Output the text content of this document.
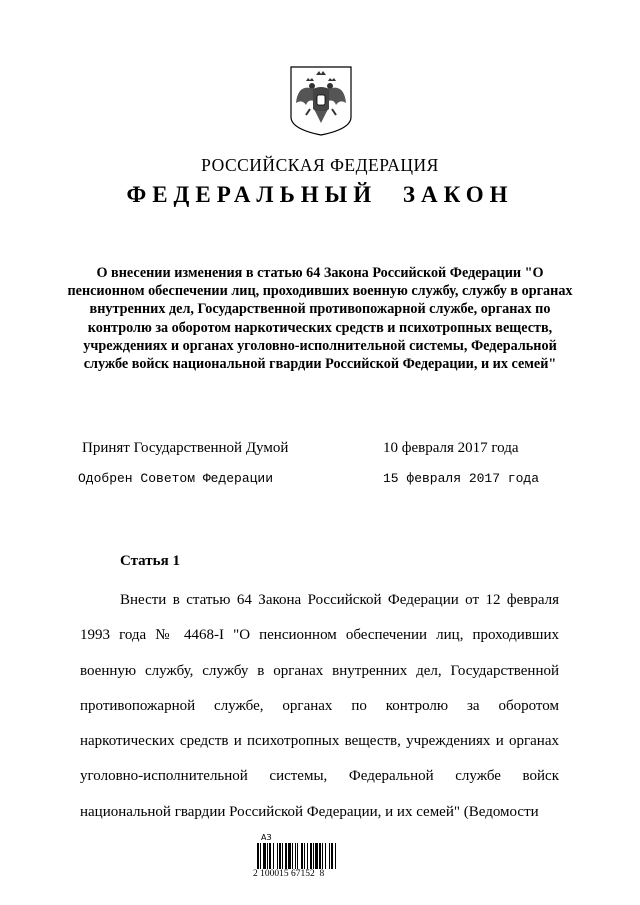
РОССИЙСКАЯ ФЕДЕРАЦИЯ
ФЕДЕРАЛЬНЫЙ ЗАКОН
О внесении изменения в статью 64 Закона Российской Федерации "О пенсионном обеспечении лиц, проходивших военную службу, службу в органах внутренних дел, Государственной противопожарной службе, органах по контролю за оборотом наркотических средств и психотропных веществ, учреждениях и органах уголовно-исполнительной системы, Федеральной службе войск национальной гвардии Российской Федерации, и их семей"
Принят Государственной Думой	10 февраля 2017 года
Одобрен Советом Федерации	15 февраля 2017 года
Статья 1

Внести в статью 64 Закона Российской Федерации от 12 февраля 1993 года № 4468-I "О пенсионном обеспечении лиц, проходивших военную службу, службу в органах внутренних дел, Государственной противопожарной службе, органах по контролю за оборотом наркотических средств и психотропных веществ, учреждениях и органах уголовно-исполнительной системы, Федеральной службе войск национальной гвардии Российской Федерации, и их семей" (Ведомости

АЗ
2 100015 67152  8
